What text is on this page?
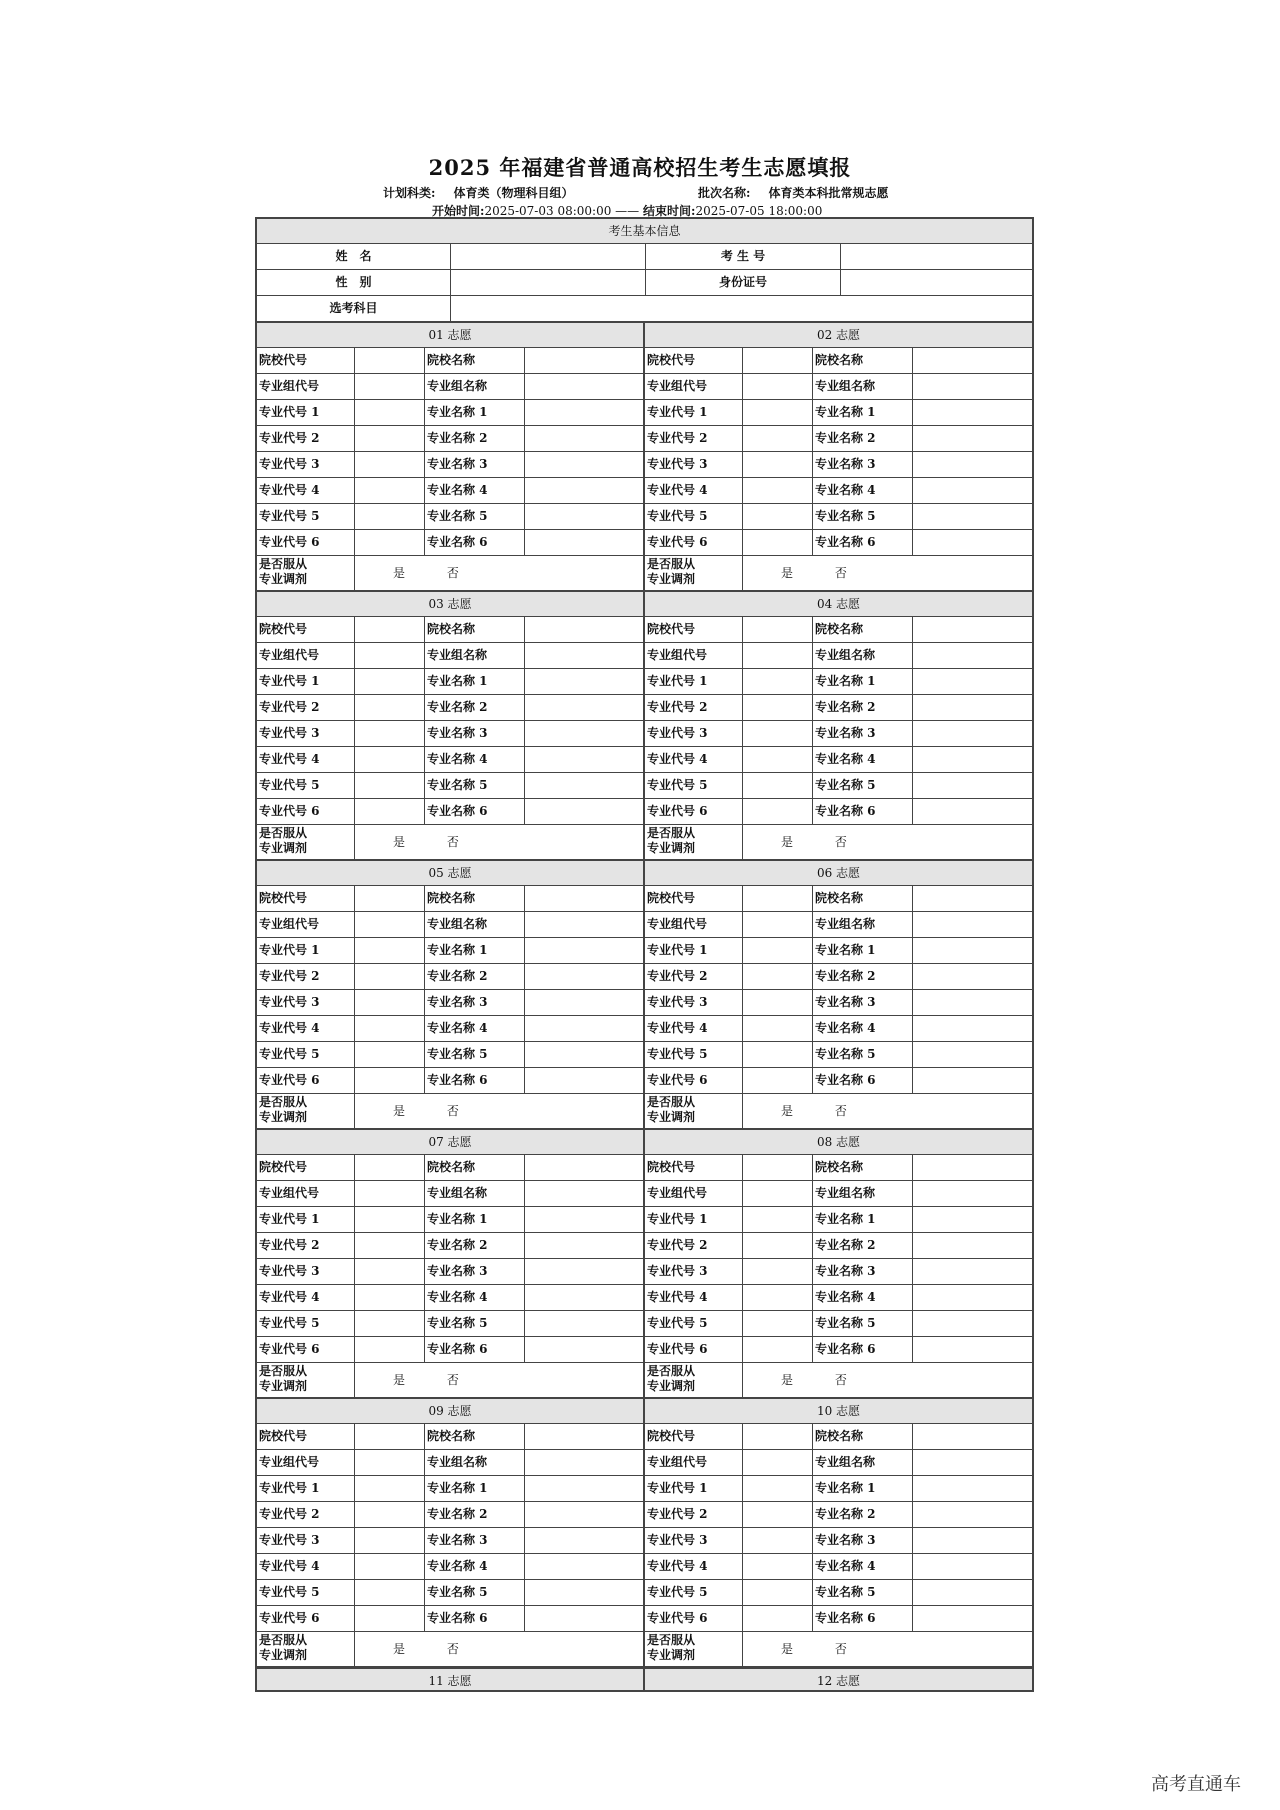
2025 年福建省普通高校招生考生志愿填报
计划科类: 体育类（物理科目组）	批次名称: 体育类本科批常规志愿
开始时间:2025-07-03 08:00:00 —— 结束时间:2025-07-05 18:00:00
考生基本信息
姓　名	考 生 号
性　别	身份证号
选考科目
01 志愿
院校代号	院校名称
专业组代号	专业组名称
专业代号 1	专业名称 1
专业代号 2	专业名称 2
专业代号 3	专业名称 3
专业代号 4	专业名称 4
专业代号 5	专业名称 5
专业代号 6	专业名称 6
是否服从
专业调剂	是	否
02 志愿
院校代号	院校名称
专业组代号	专业组名称
专业代号 1	专业名称 1
专业代号 2	专业名称 2
专业代号 3	专业名称 3
专业代号 4	专业名称 4
专业代号 5	专业名称 5
专业代号 6	专业名称 6
是否服从
专业调剂	是	否
03 志愿
院校代号	院校名称
专业组代号	专业组名称
专业代号 1	专业名称 1
专业代号 2	专业名称 2
专业代号 3	专业名称 3
专业代号 4	专业名称 4
专业代号 5	专业名称 5
专业代号 6	专业名称 6
是否服从
专业调剂	是	否
04 志愿
院校代号	院校名称
专业组代号	专业组名称
专业代号 1	专业名称 1
专业代号 2	专业名称 2
专业代号 3	专业名称 3
专业代号 4	专业名称 4
专业代号 5	专业名称 5
专业代号 6	专业名称 6
是否服从
专业调剂	是	否
05 志愿
院校代号	院校名称
专业组代号	专业组名称
专业代号 1	专业名称 1
专业代号 2	专业名称 2
专业代号 3	专业名称 3
专业代号 4	专业名称 4
专业代号 5	专业名称 5
专业代号 6	专业名称 6
是否服从
专业调剂	是	否
06 志愿
院校代号	院校名称
专业组代号	专业组名称
专业代号 1	专业名称 1
专业代号 2	专业名称 2
专业代号 3	专业名称 3
专业代号 4	专业名称 4
专业代号 5	专业名称 5
专业代号 6	专业名称 6
是否服从
专业调剂	是	否
07 志愿
院校代号	院校名称
专业组代号	专业组名称
专业代号 1	专业名称 1
专业代号 2	专业名称 2
专业代号 3	专业名称 3
专业代号 4	专业名称 4
专业代号 5	专业名称 5
专业代号 6	专业名称 6
是否服从
专业调剂	是	否
08 志愿
院校代号	院校名称
专业组代号	专业组名称
专业代号 1	专业名称 1
专业代号 2	专业名称 2
专业代号 3	专业名称 3
专业代号 4	专业名称 4
专业代号 5	专业名称 5
专业代号 6	专业名称 6
是否服从
专业调剂	是	否
09 志愿
院校代号	院校名称
专业组代号	专业组名称
专业代号 1	专业名称 1
专业代号 2	专业名称 2
专业代号 3	专业名称 3
专业代号 4	专业名称 4
专业代号 5	专业名称 5
专业代号 6	专业名称 6
是否服从
专业调剂	是	否
10 志愿
院校代号	院校名称
专业组代号	专业组名称
专业代号 1	专业名称 1
专业代号 2	专业名称 2
专业代号 3	专业名称 3
专业代号 4	专业名称 4
专业代号 5	专业名称 5
专业代号 6	专业名称 6
是否服从
专业调剂	是	否
11 志愿	12 志愿
高考直通车
